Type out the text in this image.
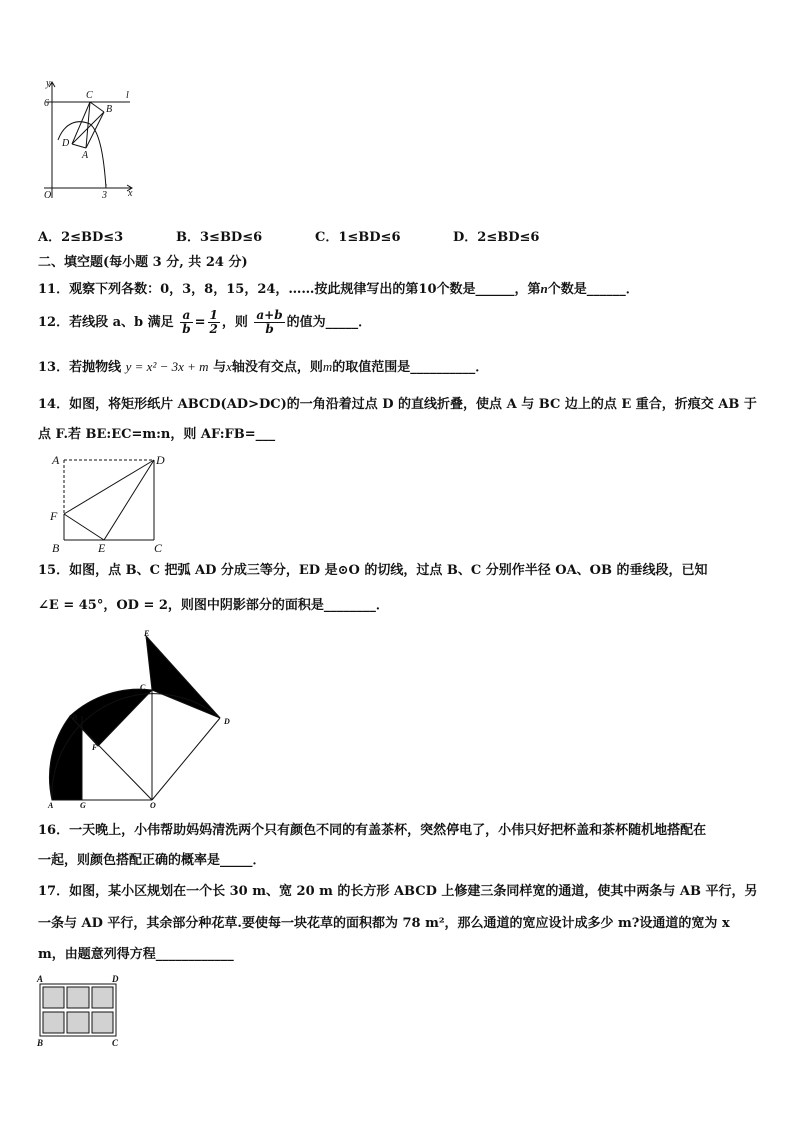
y
6
C	l
B
D
A
O	3 x
A．2≤BD≤3	B．3≤BD≤6	C．1≤BD≤6	D．2≤BD≤6
二、填空题(每小题 3 分, 共 24 分)
11．观察下列各数：0，3，8，15，24，……按此规律写出的第10个数是______，第n个数是______．
12．若线段 a、b 满足 $\frac{a}{b} = \frac{1}{2}$ ，则 $\frac{a+b}{b}$ 的值为_____．
13．若抛物线 y = x² − 3x + m 与x轴没有交点，则m的取值范围是__________．
14．如图，将矩形纸片 ABCD(AD>DC)的一角沿着过点 D 的直线折叠，使点 A 与 BC 边上的点 E 重合，折痕交 AB 于
点 F.若 BE:EC=m:n，则 AF:FB=___
A	D
F
B	E	C
15．如图，点 B、C 把弧 AD 分成三等分，ED 是⊙O 的切线，过点 B、C 分别作半径 OA、OB 的垂线段，已知
∠E = 45°，OD = 2，则图中阴影部分的面积是________．
E
C
B	D
F
A	G	O
16．一天晚上，小伟帮助妈妈清洗两个只有颜色不同的有盖茶杯，突然停电了，小伟只好把杯盖和茶杯随机地搭配在
一起，则颜色搭配正确的概率是_____．
17．如图，某小区规划在一个长 30 m、宽 20 m 的长方形 ABCD 上修建三条同样宽的通道，使其中两条与 AB 平行，另
一条与 AD 平行，其余部分种花草.要使每一块花草的面积都为 78 m²，那么通道的宽应设计成多少 m?设通道的宽为 x
m，由题意列得方程____________
A	D
B	C
